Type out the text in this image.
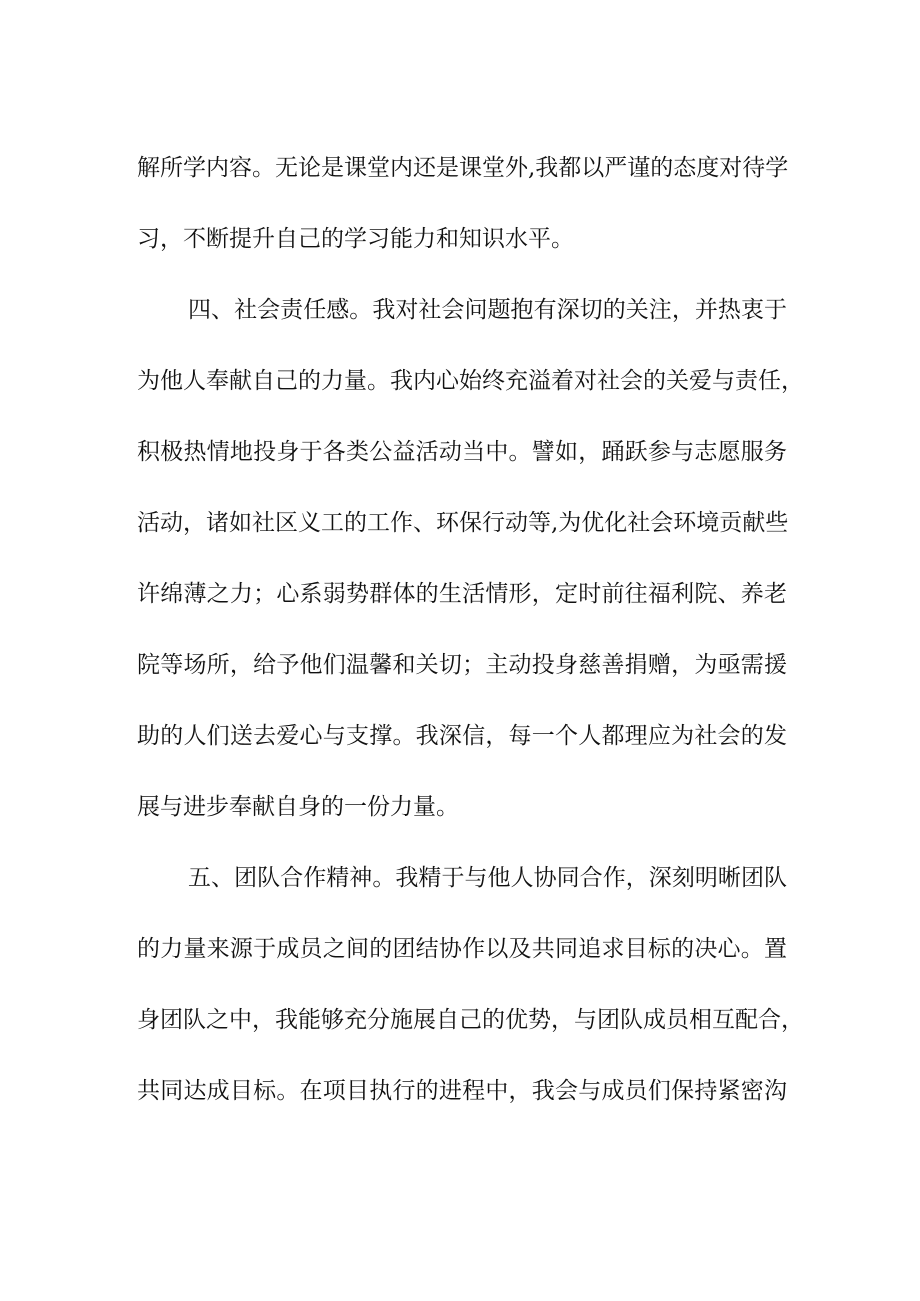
解所学内容。无论是课堂内还是课堂外,我都以严谨的态度对待学
习，不断提升自己的学习能力和知识水平。
四、社会责任感。我对社会问题抱有深切的关注，并热衷于
为他人奉献自己的力量。我内心始终充溢着对社会的关爱与责任，
积极热情地投身于各类公益活动当中。譬如，踊跃参与志愿服务
活动，诸如社区义工的工作、环保行动等,为优化社会环境贡献些
许绵薄之力；心系弱势群体的生活情形，定时前往福利院、养老
院等场所，给予他们温馨和关切；主动投身慈善捐赠，为亟需援
助的人们送去爱心与支撑。我深信，每一个人都理应为社会的发
展与进步奉献自身的一份力量。
五、团队合作精神。我精于与他人协同合作，深刻明晰团队
的力量来源于成员之间的团结协作以及共同追求目标的决心。置
身团队之中，我能够充分施展自己的优势，与团队成员相互配合，
共同达成目标。在项目执行的进程中，我会与成员们保持紧密沟
